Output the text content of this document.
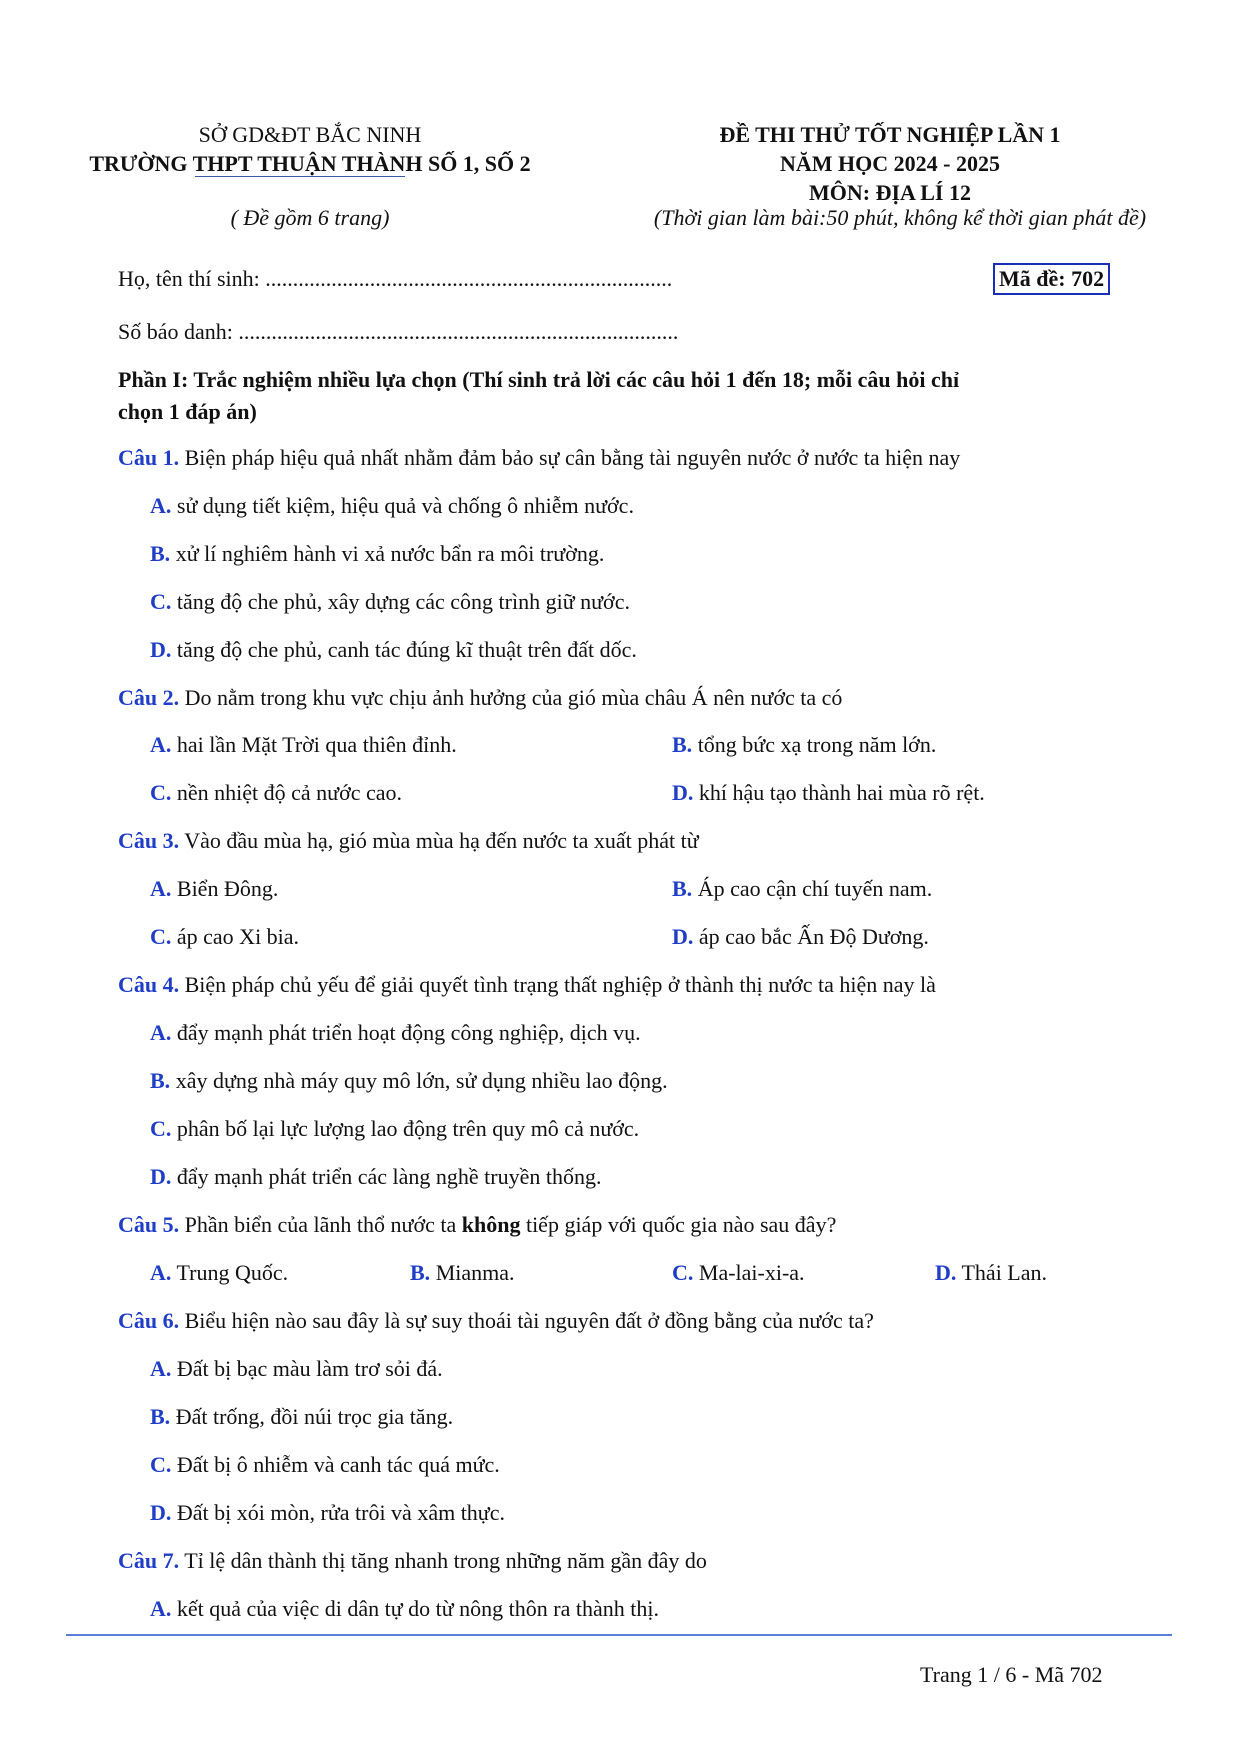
SỞ GD&ĐT BẮC NINH
TRƯỜNG THPT THUẬN THÀNH SỐ 1, SỐ 2
( Đề gồm 6 trang)
ĐỀ THI THỬ TỐT NGHIỆP LẦN 1
NĂM HỌC 2024 - 2025
MÔN: ĐỊA LÍ 12
(Thời gian làm bài:50 phút, không kể thời gian phát đề)
Họ, tên thí sinh: ..........................................................................	Mã đề: 702
Số báo danh: ................................................................................
Phần I: Trắc nghiệm nhiều lựa chọn (Thí sinh trả lời các câu hỏi 1 đến 18; mỗi câu hỏi chỉ
chọn 1 đáp án)
Câu 1. Biện pháp hiệu quả nhất nhằm đảm bảo sự cân bằng tài nguyên nước ở nước ta hiện nay
A. sử dụng tiết kiệm, hiệu quả và chống ô nhiễm nước.
B. xử lí nghiêm hành vi xả nước bẩn ra môi trường.
C. tăng độ che phủ, xây dựng các công trình giữ nước.
D. tăng độ che phủ, canh tác đúng kĩ thuật trên đất dốc.
Câu 2. Do nằm trong khu vực chịu ảnh hưởng của gió mùa châu Á nên nước ta có
A. hai lần Mặt Trời qua thiên đỉnh.	B. tổng bức xạ trong năm lớn.
C. nền nhiệt độ cả nước cao.	D. khí hậu tạo thành hai mùa rõ rệt.
Câu 3. Vào đầu mùa hạ, gió mùa mùa hạ đến nước ta xuất phát từ
A. Biển Đông.	B. Áp cao cận chí tuyến nam.
C. áp cao Xi bia.	D. áp cao bắc Ấn Độ Dương.
Câu 4. Biện pháp chủ yếu để giải quyết tình trạng thất nghiệp ở thành thị nước ta hiện nay là
A. đẩy mạnh phát triển hoạt động công nghiệp, dịch vụ.
B. xây dựng nhà máy quy mô lớn, sử dụng nhiều lao động.
C. phân bố lại lực lượng lao động trên quy mô cả nước.
D. đẩy mạnh phát triển các làng nghề truyền thống.
Câu 5. Phần biển của lãnh thổ nước ta không tiếp giáp với quốc gia nào sau đây?
A. Trung Quốc.	B. Mianma.	C. Ma-lai-xi-a.	D. Thái Lan.
Câu 6. Biểu hiện nào sau đây là sự suy thoái tài nguyên đất ở đồng bằng của nước ta?
A. Đất bị bạc màu làm trơ sỏi đá.
B. Đất trống, đồi núi trọc gia tăng.
C. Đất bị ô nhiễm và canh tác quá mức.
D. Đất bị xói mòn, rửa trôi và xâm thực.
Câu 7. Tỉ lệ dân thành thị tăng nhanh trong những năm gần đây do
A. kết quả của việc di dân tự do từ nông thôn ra thành thị.
Trang 1 / 6 - Mã 702
